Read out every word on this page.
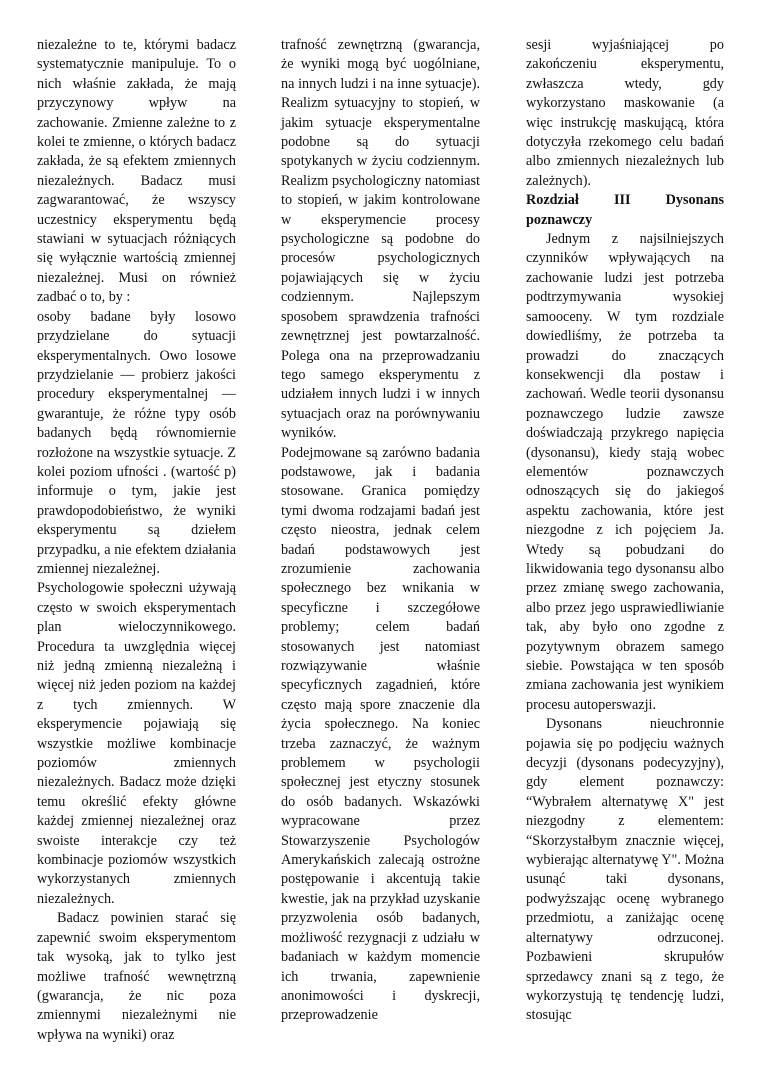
niezależne to te, którymi badacz systematycznie manipuluje. To o nich właśnie zakłada, że mają przyczynowy wpływ na zachowanie. Zmienne zależne to z kolei te zmienne, o których badacz zakłada, że są efektem zmiennych niezależnych. Badacz musi zagwarantować, że wszyscy uczestnicy eksperymentu będą stawiani w sytuacjach różniących się wyłącznie wartością zmiennej niezależnej. Musi on również zadbać o to, by :

osoby badane były losowo przydzielane do sytuacji eksperymentalnych. Owo losowe przydzielanie — probierz jakości procedury eksperymentalnej — gwarantuje, że różne typy osób badanych będą równomiernie rozłożone na wszystkie sytuacje. Z kolei poziom ufności . (wartość p) informuje o tym, jakie jest prawdopodobieństwo, że wyniki eksperymentu są dziełem przypadku, a nie efektem działania zmiennej niezależnej.

Psychologowie społeczni używają często w swoich eksperymentach plan wieloczynnikowego. Procedura ta uwzględnia więcej niż jedną zmienną niezależną i więcej niż jeden poziom na każdej z tych zmiennych. W eksperymencie pojawiają się wszystkie możliwe kombinacje poziomów zmiennych niezależnych. Badacz może dzięki temu określić efekty główne każdej zmiennej niezależnej oraz swoiste interakcje czy też kombinacje poziomów wszystkich wykorzystanych zmiennych niezależnych.

Badacz powinien starać się zapewnić swoim eksperymentom tak wysoką, jak to tylko jest możliwe trafność wewnętrzną (gwarancja, że nic poza zmiennymi niezależnymi nie wpływa na wyniki) oraz

trafność zewnętrzną (gwarancja, że wyniki mogą być uogólniane, na innych ludzi i na inne sytuacje). Realizm sytuacyjny to stopień, w jakim sytuacje eksperymentalne podobne są do sytuacji spotykanych w życiu codziennym. Realizm psychologiczny natomiast to stopień, w jakim kontrolowane w eksperymencie procesy psychologiczne są podobne do procesów psychologicznych pojawiających się w życiu codziennym. Najlepszym sposobem sprawdzenia trafności zewnętrznej jest powtarzalność. Polega ona na przeprowadzaniu tego samego eksperymentu z udziałem innych ludzi i w innych sytuacjach oraz na porównywaniu wyników.

Podejmowane są zarówno badania podstawowe, jak i badania stosowane. Granica pomiędzy tymi dwoma rodzajami badań jest często nieostra, jednak celem badań podstawowych jest zrozumienie zachowania społecznego bez wnikania w specyficzne i szczegółowe problemy; celem badań stosowanych jest natomiast rozwiązywanie właśnie specyficznych zagadnień, które często mają spore znaczenie dla życia społecznego. Na koniec trzeba zaznaczyć, że ważnym problemem w psychologii społecznej jest etyczny stosunek do osób badanych. Wskazówki wypracowane przez Stowarzyszenie Psychologów Amerykańskich zalecają ostrożne postępowanie i akcentują takie kwestie, jak na przykład uzyskanie przyzwolenia osób badanych, możliwość rezygnacji z udziału w badaniach w każdym momencie ich trwania, zapewnienie anonimowości i dyskrecji, przeprowadzenie

sesji wyjaśniającej po zakończeniu eksperymentu, zwłaszcza wtedy, gdy wykorzystano maskowanie (a więc instrukcję maskującą, która dotyczyła rzekomego celu badań albo zmiennych niezależnych lub zależnych).

Rozdział III Dysonans poznawczy

Jednym z najsilniejszych czynników wpływających na zachowanie ludzi jest potrzeba podtrzymywania wysokiej samooceny. W tym rozdziale dowiedliśmy, że potrzeba ta prowadzi do znaczących konsekwencji dla postaw i zachowań. Wedle teorii dysonansu poznawczego ludzie zawsze doświadczają przykrego napięcia (dysonansu), kiedy stają wobec elementów poznawczych odnoszących się do jakiegoś aspektu zachowania, które jest niezgodne z ich pojęciem Ja. Wtedy są pobudzani do likwidowania tego dysonansu albo przez zmianę swego zachowania, albo przez jego usprawiedliwianie tak, aby było ono zgodne z pozytywnym obrazem samego siebie. Powstająca w ten sposób zmiana zachowania jest wynikiem procesu autoperswazji.

Dysonans nieuchronnie pojawia się po podjęciu ważnych decyzji (dysonans podecyzyjny), gdy element poznawczy: “Wybrałem alternatywę X" jest niezgodny z elementem: “Skorzystałbym znacznie więcej, wybierając alternatywę Y". Można usunąć taki dysonans, podwyższając ocenę wybranego przedmiotu, a zaniżając ocenę alternatywy odrzuconej. Pozbawieni skrupułów sprzedawcy znani są z tego, że wykorzystują tę tendencję ludzi, stosując
